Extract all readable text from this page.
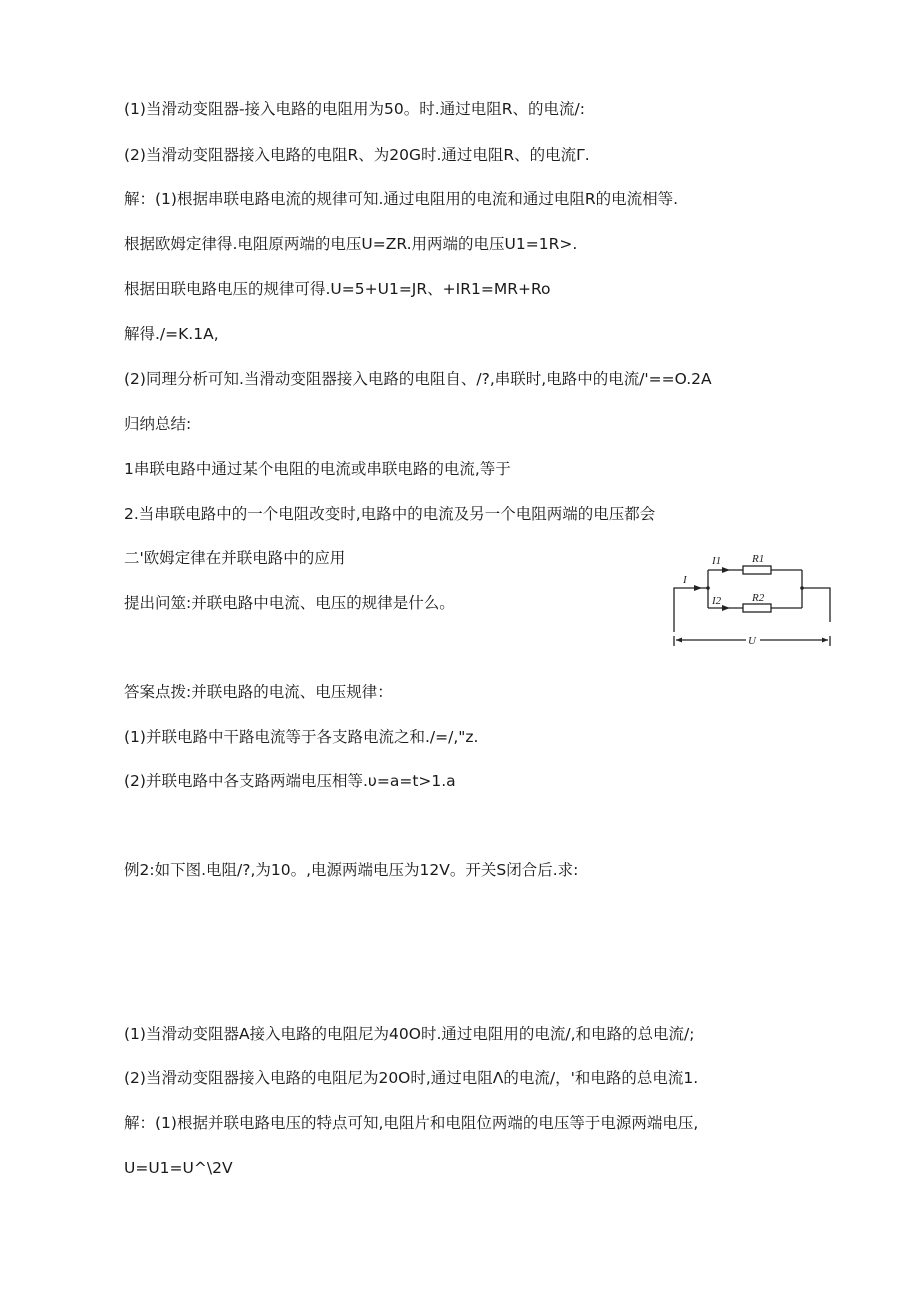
(1)当滑动变阻器-接入电路的电阻用为50。时.通过电阻R、的电流/:

(2)当滑动变阻器接入电路的电阻R、为20G时.通过电阻R、的电流Γ.

解：(1)根据串联电路电流的规律可知.通过电阻用的电流和通过电阻R的电流相等.

根据欧姆定律得.电阻原两端的电压U=ZR.用两端的电压U1=1R>.

根据田联电路电压的规律可得.U=5+U1=JR、+IR1=MR+Ro

解得./=K.1A,

(2)同理分析可知.当滑动变阻器接入电路的电阻自、/?,串联时,电路中的电流/'==O.2A

归纳总结:

1串联电路中通过某个电阻的电流或串联电路的电流,等于

2.当串联电路中的一个电阻改变时,电路中的电流及另一个电阻两端的电压都会

二'欧姆定律在并联电路中的应用

提出问筮:并联电路中电流、电压的规律是什么。

答案点拨:并联电路的电流、电压规律：

(1)并联电路中干路电流等于各支路电流之和./=/,"z.

(2)并联电路中各支路两端电压相等.υ=a=t>1.a

例2:如下图.电阻/?,为10。,电源两端电压为12V。开关S闭合后.求:

(1)当滑动变阻器A接入电路的电阻尼为40O时.通过电阻用的电流/,和电路的总电流/;

(2)当滑动变阻器接入电路的电阻尼为20O时,通过电阻Λ的电流/，'和电路的总电流1.

解：(1)根据并联电路电压的特点可知,电阻片和电阻位两端的电压等于电源两端电压,

U=U1=U^\2V

I
I1	R1
I2	R2
U
